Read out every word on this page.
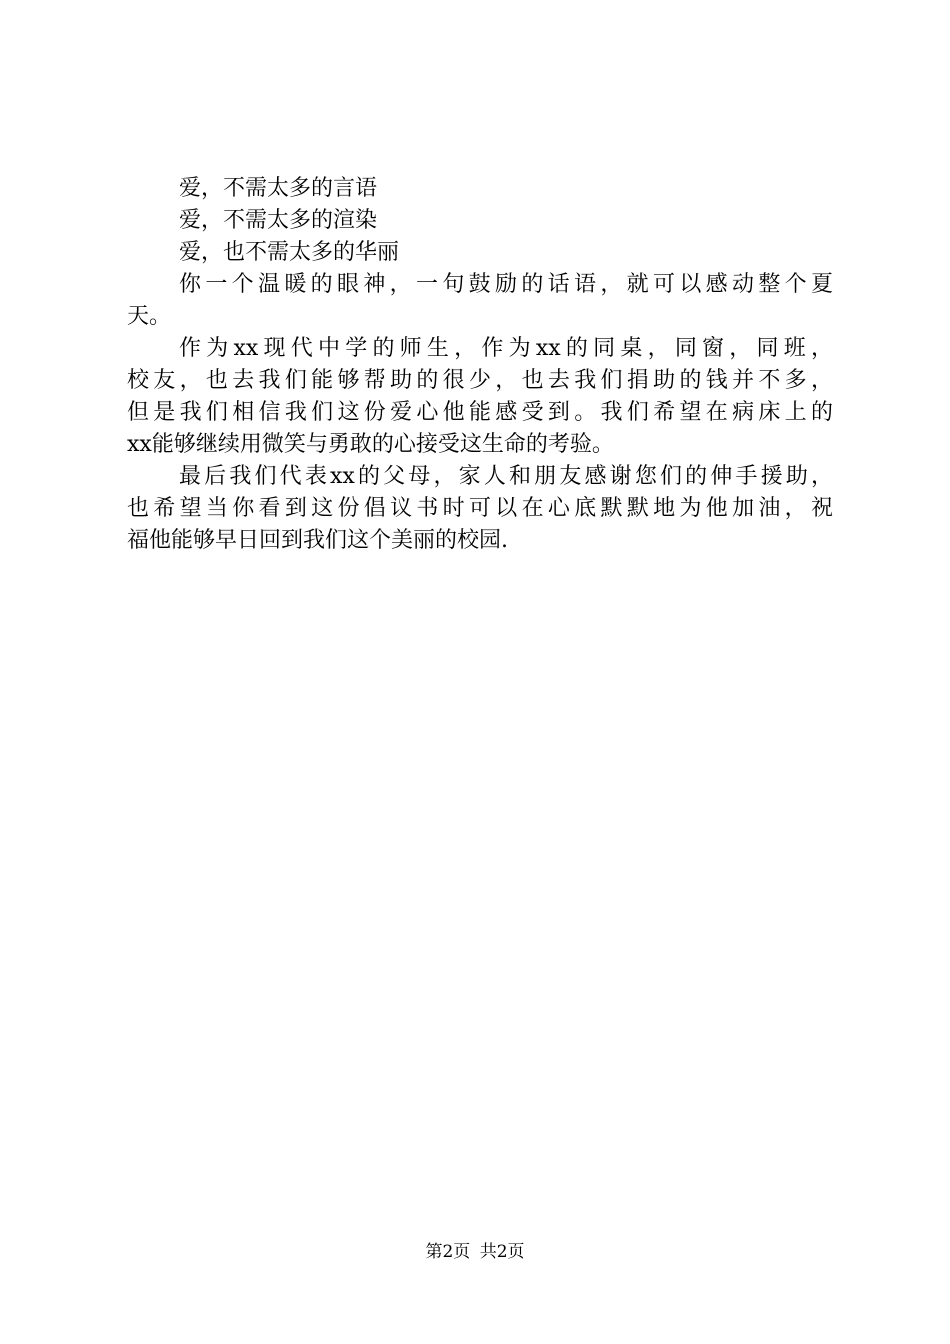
爱，不需太多的言语
爱，不需太多的渲染
爱，也不需太多的华丽
你一个温暖的眼神，一句鼓励的话语，就可以感动整个夏
天。
作为xx现代中学的师生，作为xx的同桌，同窗，同班，
校友，也去我们能够帮助的很少，也去我们捐助的钱并不多，
但是我们相信我们这份爱心他能感受到。我们希望在病床上的
xx能够继续用微笑与勇敢的心接受这生命的考验。
最后我们代表xx的父母，家人和朋友感谢您们的伸手援助，
也希望当你看到这份倡议书时可以在心底默默地为他加油，祝
福他能够早日回到我们这个美丽的校园.
第2页 共2页
